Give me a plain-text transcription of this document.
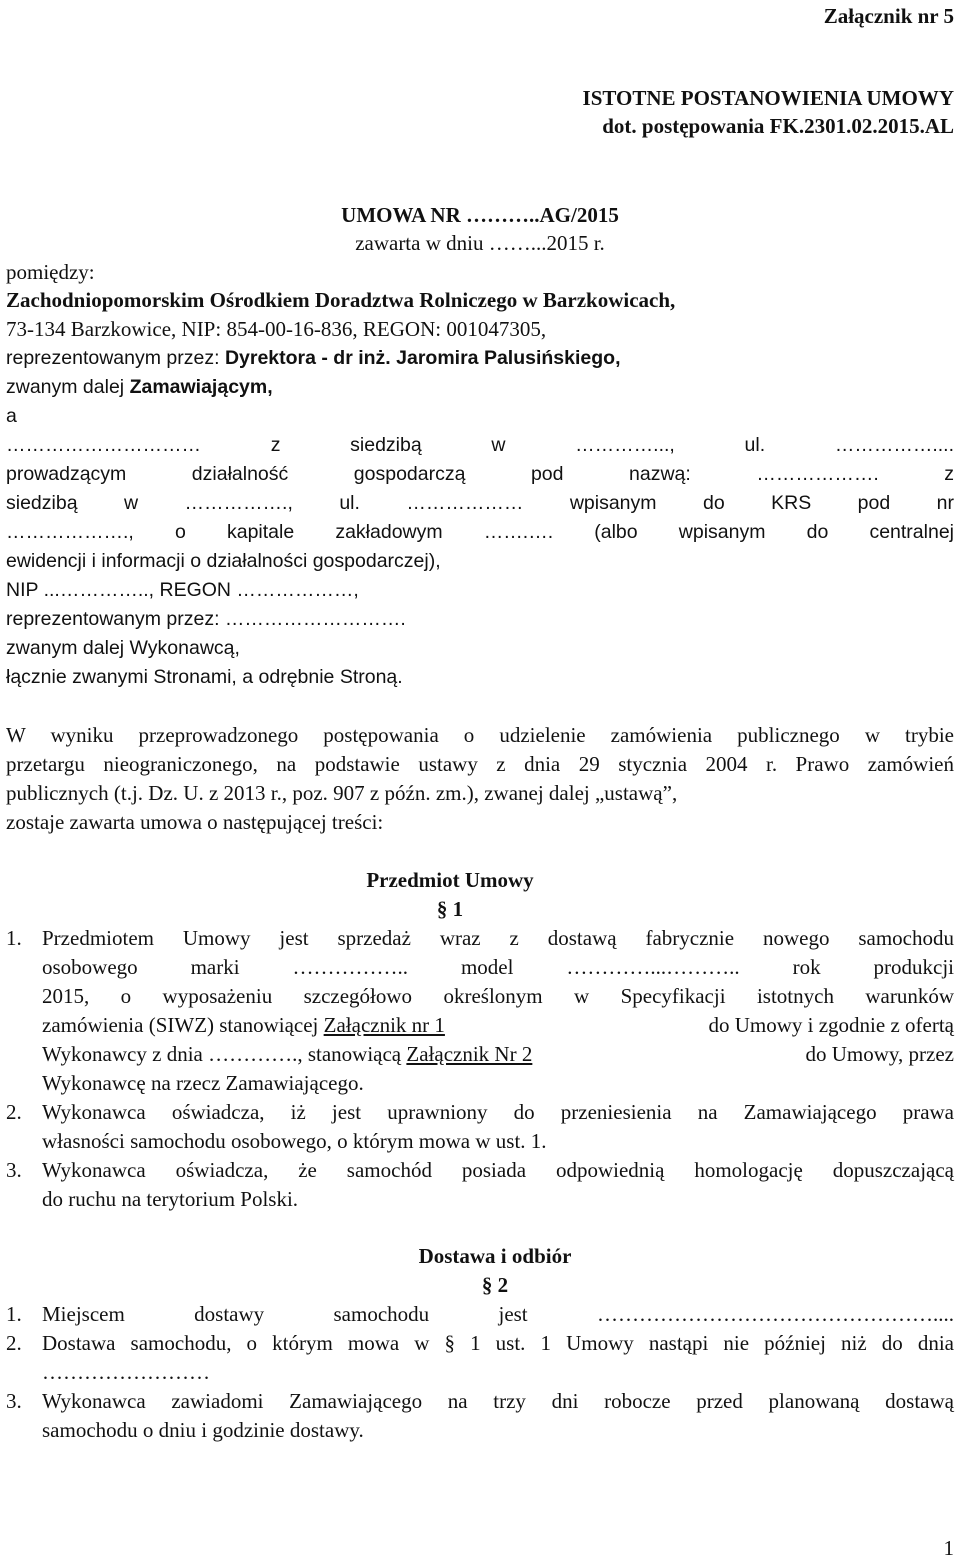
Załącznik nr 5
ISTOTNE POSTANOWIENIA UMOWY
dot. postępowania FK.2301.02.2015.AL
UMOWA NR ………..AG/2015
zawarta w dniu ……...2015 r.
pomiędzy:
Zachodniopomorskim Ośrodkiem Doradztwa Rolniczego w Barzkowicach,
73-134 Barzkowice, NIP: 854-00-16-836, REGON: 001047305,
reprezentowanym przez: Dyrektora - dr inż. Jaromira Palusińskiego,
zwanym dalej Zamawiającym,
a
………………………… z siedzibą w …………..., ul. ……………....
prowadzącym działalność gospodarczą pod nazwą: ………………. z
siedzibą w ……………., ul. ……………… wpisanym do KRS pod nr
………………., o kapitale zakładowym …….…. (albo wpisanym do centralnej
ewidencji i informacji o działalności gospodarczej),
NIP ...………….., REGON ………………,
reprezentowanym przez: ……………………….
zwanym dalej Wykonawcą,
łącznie zwanymi Stronami, a odrębnie Stroną.
W wyniku przeprowadzonego postępowania o udzielenie zamówienia publicznego w trybie
przetargu nieograniczonego, na podstawie ustawy z dnia 29 stycznia 2004 r. Prawo zamówień
publicznych (t.j. Dz. U. z 2013 r., poz. 907 z późn. zm.), zwanej dalej „ustawą”,
zostaje zawarta umowa o następującej treści:
Przedmiot Umowy
§ 1
1. Przedmiotem Umowy jest sprzedaż wraz z dostawą fabrycznie nowego samochodu
osobowego marki …………….. model …………...……….. rok produkcji
2015, o wyposażeniu szczegółowo określonym w Specyfikacji istotnych warunków
zamówienia (SIWZ) stanowiącej Załącznik nr 1	do Umowy i zgodnie z ofertą
Wykonawcy z dnia …………., stanowiącą Załącznik Nr 2	do Umowy, przez
Wykonawcę na rzecz Zamawiającego.
2. Wykonawca oświadcza, iż jest uprawniony do przeniesienia na Zamawiającego prawa
własności samochodu osobowego, o którym mowa w ust. 1.
3. Wykonawca oświadcza, że samochód posiada odpowiednią homologację dopuszczającą
do ruchu na terytorium Polski.
Dostawa i odbiór
§ 2
1. Miejscem dostawy samochodu jest …………………………………………....
2. Dostawa samochodu, o którym mowa w § 1 ust. 1 Umowy nastąpi nie później niż do dnia
……………………
3. Wykonawca zawiadomi Zamawiającego na trzy dni robocze przed planowaną dostawą
samochodu o dniu i godzinie dostawy.
1
